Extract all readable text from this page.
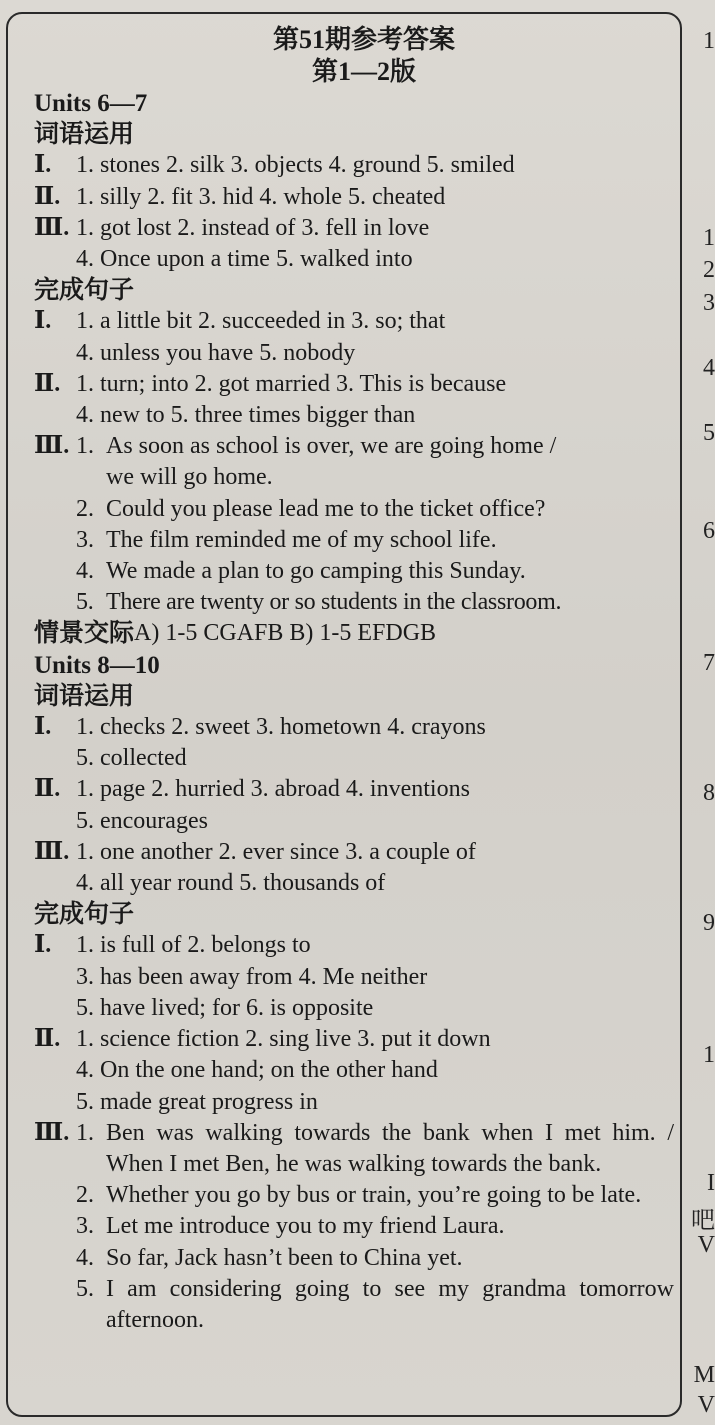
第51期参考答案
第1—2版
Units 6—7
词语运用
Ⅰ.	1. stones 2. silk 3. objects 4. ground 5. smiled
Ⅱ. 1. silly 2. fit 3. hid 4. whole 5. cheated
Ⅲ. 1. got lost 2. instead of 3. fell in love
4. Once upon a time 5. walked into
完成句子
Ⅰ.	1. a little bit 2. succeeded in 3. so; that
4. unless you have 5. nobody
Ⅱ. 1. turn; into 2. got married 3. This is because
4. new to 5. three times bigger than
Ⅲ. 1. As soon as school is over, we are going home /
we will go home.
2. Could you please lead me to the ticket office?
3. The film reminded me of my school life.
4. We made a plan to go camping this Sunday.
5. There are twenty or so students in the classroom.
情景交际 A) 1-5 CGAFB B) 1-5 EFDGB
Units 8—10
词语运用
Ⅰ.	1. checks 2. sweet 3. hometown 4. crayons
5. collected
Ⅱ. 1. page 2. hurried 3. abroad 4. inventions
5. encourages
Ⅲ. 1. one another 2. ever since 3. a couple of
4. all year round 5. thousands of
完成句子
Ⅰ.	1. is full of 2. belongs to
3. has been away from 4. Me neither
5. have lived; for 6. is opposite
Ⅱ. 1. science fiction 2. sing live 3. put it down
4. On the one hand; on the other hand
5. made great progress in
Ⅲ. 1. Ben was walking towards the bank when I met him. / When I met Ben, he was walking towards the bank.
2. Whether you go by bus or train, you’re going to be late.
3. Let me introduce you to my friend Laura.
4. So far, Jack hasn’t been to China yet.
5. I am considering going to see my grandma tomorrow afternoon.
1
1
2
3
4
5
6
7
8
9
1
I
吧
V
M
V
